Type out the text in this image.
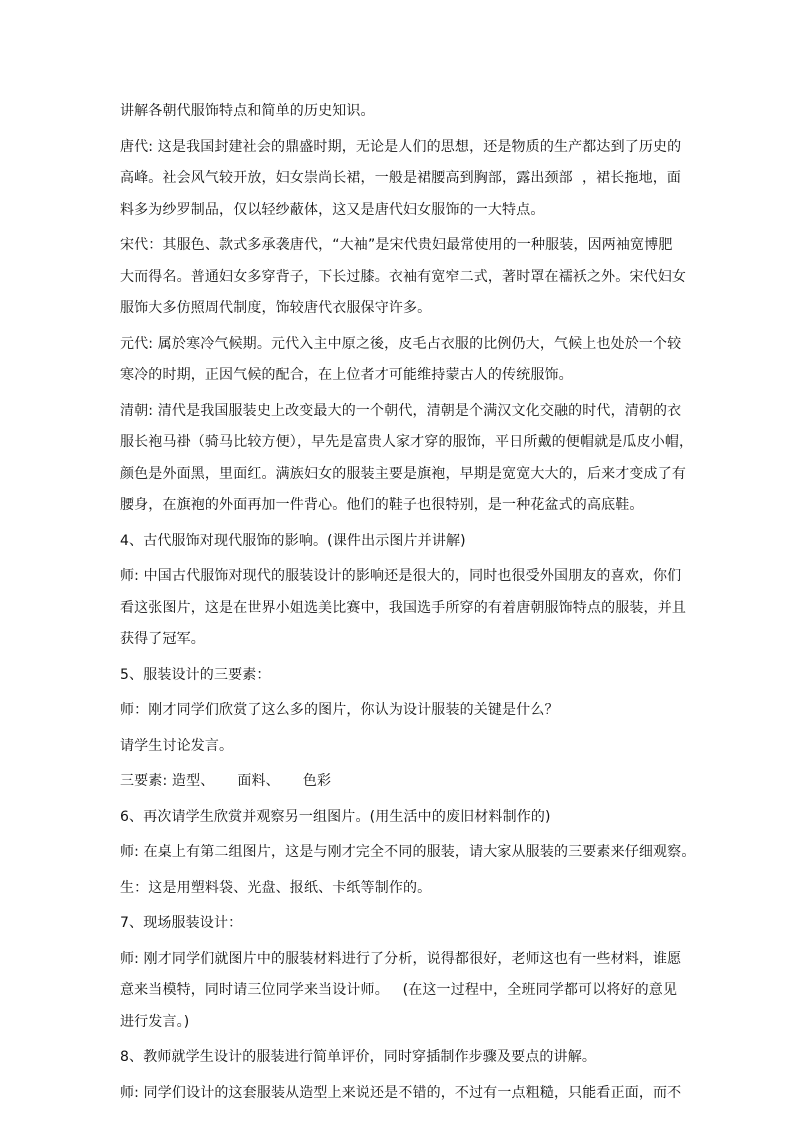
讲解各朝代服饰特点和简单的历史知识。

唐代: 这是我国封建社会的鼎盛时期，无论是人们的思想，还是物质的生产都达到了历史的
高峰。社会风气较开放，妇女崇尚长裙，一般是裙腰高到胸部，露出颈部  ，裙长拖地，面
料多为纱罗制品，仅以轻纱蔽体，这又是唐代妇女服饰的一大特点。

宋代：其服色、款式多承袭唐代，“大袖”是宋代贵妇最常使用的一种服装，因两袖宽博肥
大而得名。普通妇女多穿背子，下长过膝。衣袖有宽窄二式，著时罩在襦袄之外。宋代妇女
服饰大多仿照周代制度，饰较唐代衣服保守许多。

元代: 属於寒冷气候期。元代入主中原之後，皮毛占衣服的比例仍大，气候上也处於一个较
寒冷的时期，正因气候的配合，在上位者才可能维持蒙古人的传统服饰。

清朝: 清代是我国服装史上改变最大的一个朝代，清朝是个满汉文化交融的时代，清朝的衣
服长袍马褂（骑马比较方便），早先是富贵人家才穿的服饰，平日所戴的便帽就是瓜皮小帽，
颜色是外面黑，里面红。满族妇女的服装主要是旗袍，早期是宽宽大大的，后来才变成了有
腰身，在旗袍的外面再加一件背心。他们的鞋子也很特别，是一种花盆式的高底鞋。

4、古代服饰对现代服饰的影响。(课件出示图片并讲解)

师: 中国古代服饰对现代的服装设计的影响还是很大的，同时也很受外国朋友的喜欢，你们
看这张图片，这是在世界小姐选美比赛中，我国选手所穿的有着唐朝服饰特点的服装，并且
获得了冠军。

5、服装设计的三要素：

师：刚才同学们欣赏了这么多的图片，你认为设计服装的关键是什么？

请学生讨论发言。

三要素: 造型、     面料、     色彩

6、再次请学生欣赏并观察另一组图片。(用生活中的废旧材料制作的)

师: 在桌上有第二组图片，这是与刚才完全不同的服装，请大家从服装的三要素来仔细观察。

生：这是用塑料袋、光盘、报纸、卡纸等制作的。

7、现场服装设计：

师: 刚才同学们就图片中的服装材料进行了分析，说得都很好，老师这也有一些材料，谁愿
意来当模特，同时请三位同学来当设计师。   (在这一过程中，全班同学都可以将好的意见
进行发言。)

8、教师就学生设计的服装进行简单评价，同时穿插制作步骤及要点的讲解。

师: 同学们设计的这套服装从造型上来说还是不错的，不过有一点粗糙，只能看正面，而不
